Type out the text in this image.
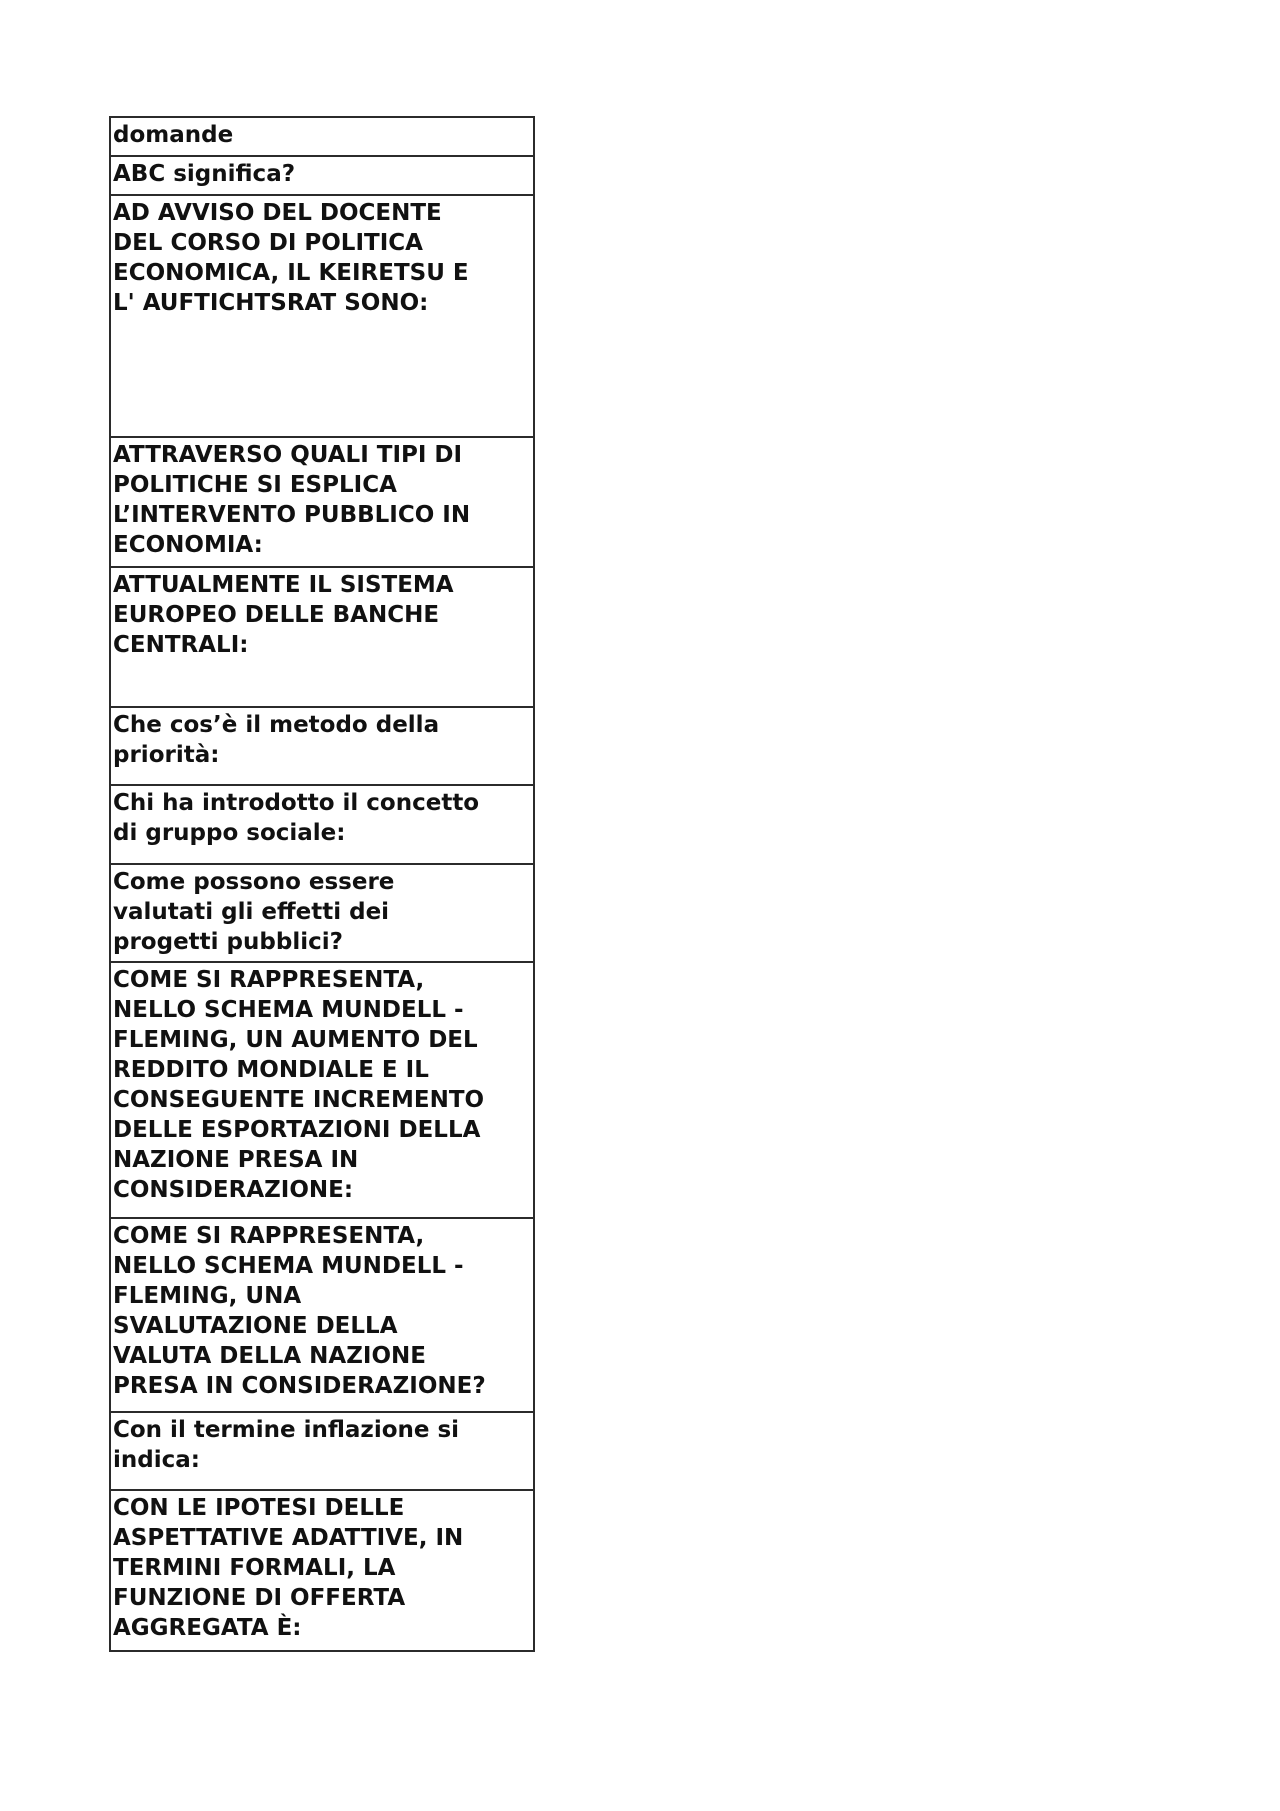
domande
ABC significa?
AD AVVISO DEL DOCENTE
DEL CORSO DI POLITICA
ECONOMICA, IL KEIRETSU E
L' AUFTICHTSRAT SONO:
ATTRAVERSO QUALI TIPI DI
POLITICHE SI ESPLICA
L’INTERVENTO PUBBLICO IN
ECONOMIA:
ATTUALMENTE IL SISTEMA
EUROPEO DELLE BANCHE
CENTRALI:
Che cos’è il metodo della
priorità:
Chi ha introdotto il concetto
di gruppo sociale:
Come possono essere
valutati gli effetti dei
progetti pubblici?
COME SI RAPPRESENTA,
NELLO SCHEMA MUNDELL -
FLEMING, UN AUMENTO DEL
REDDITO MONDIALE E IL
CONSEGUENTE INCREMENTO
DELLE ESPORTAZIONI DELLA
NAZIONE PRESA IN
CONSIDERAZIONE:
COME SI RAPPRESENTA,
NELLO SCHEMA MUNDELL -
FLEMING, UNA
SVALUTAZIONE DELLA
VALUTA DELLA NAZIONE
PRESA IN CONSIDERAZIONE?
Con il termine inflazione si
indica:
CON LE IPOTESI DELLE
ASPETTATIVE ADATTIVE, IN
TERMINI FORMALI, LA
FUNZIONE DI OFFERTA
AGGREGATA È:
